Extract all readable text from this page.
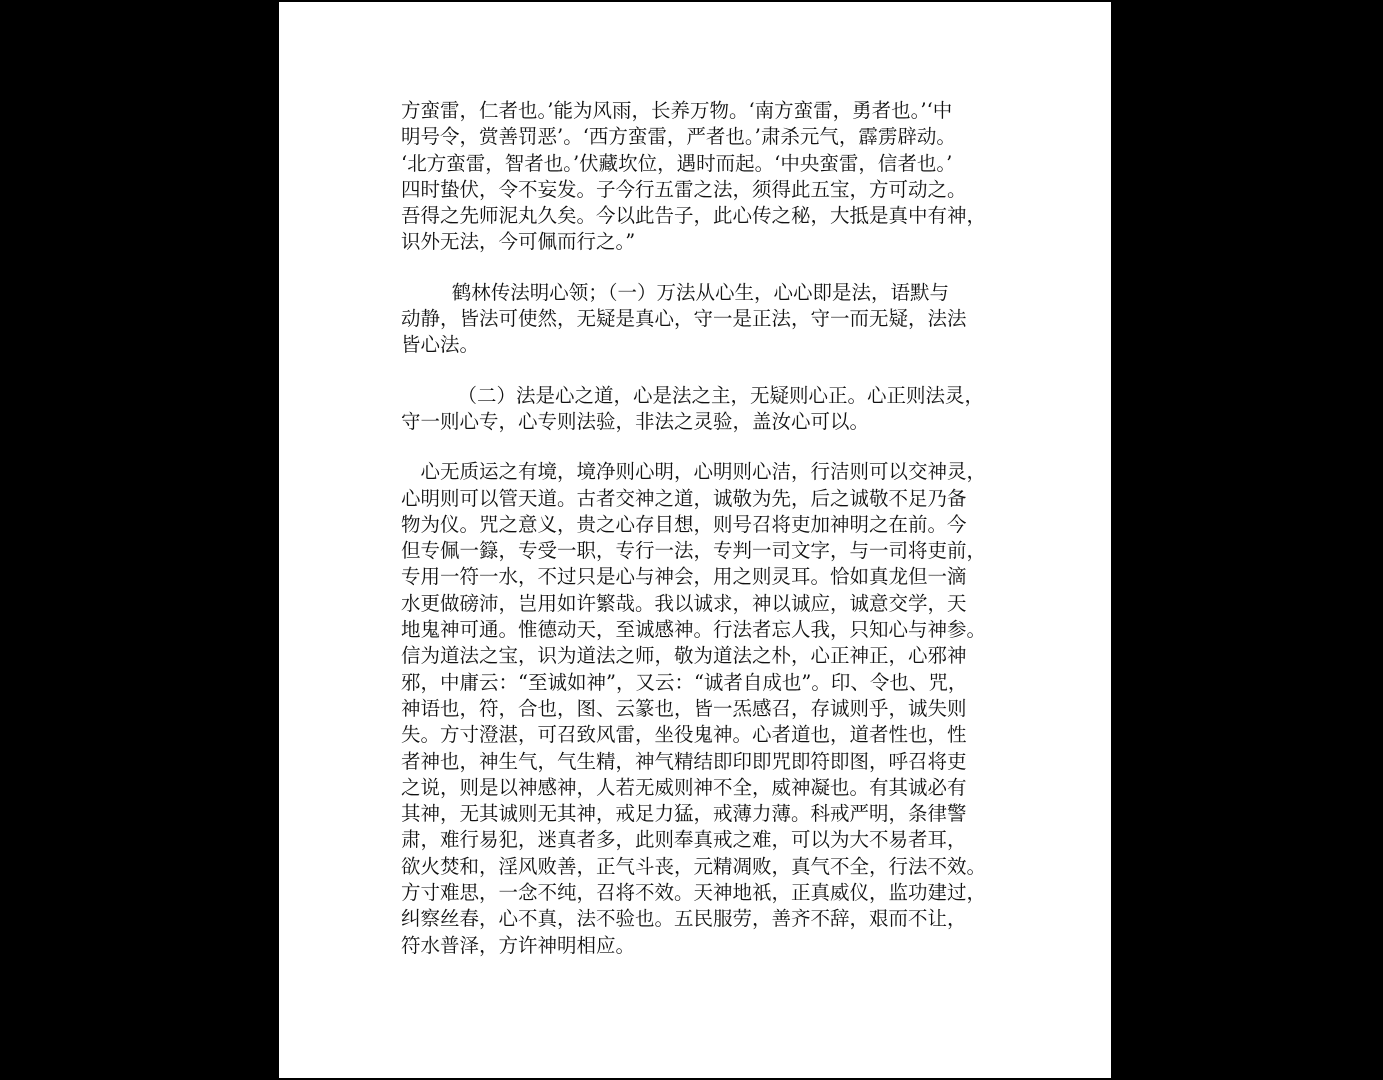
方蛮雷，仁者也。’能为风雨，长养万物。‘南方蛮雷，勇者也。’‘中
明号令，赏善罚恶’。‘西方蛮雷，严者也。’肃杀元气，霹雳辟动。
‘北方蛮雷，智者也。’伏藏坎位，遇时而起。‘中央蛮雷，信者也。’
四时蛰伏，令不妄发。子今行五雷之法，须得此五宝，方可动之。
吾得之先师泥丸久矣。今以此告子，此心传之秘，大抵是真中有神，
识外无法，今可佩而行之。”

鹤林传法明心领；（一）万法从心生，心心即是法，语默与
动静，皆法可使然，无疑是真心，守一是正法，守一而无疑，法法
皆心法。

（二）法是心之道，心是法之主，无疑则心正。心正则法灵，
守一则心专，心专则法验，非法之灵验，盖汝心可以。

心无质运之有境，境净则心明，心明则心洁，行洁则可以交神灵，
心明则可以管天道。古者交神之道，诚敬为先，后之诚敬不足乃备
物为仪。咒之意义，贵之心存目想，则号召将吏加神明之在前。今
但专佩一籙，专受一职，专行一法，专判一司文字，与一司将吏前，
专用一符一水，不过只是心与神会，用之则灵耳。恰如真龙但一滴
水更做磅沛，岂用如许繁哉。我以诚求，神以诚应，诚意交学，天
地鬼神可通。惟德动天，至诚感神。行法者忘人我，只知心与神参。
信为道法之宝，识为道法之师，敬为道法之朴，心正神正，心邪神
邪，中庸云：“至诚如神”，又云：“诚者自成也”。印、令也、咒，
神语也，符，合也，图、云篆也，皆一炁感召，存诚则乎，诚失则
失。方寸澄湛，可召致风雷，坐役鬼神。心者道也，道者性也，性
者神也，神生气，气生精，神气精结即印即咒即符即图，呼召将吏
之说，则是以神感神，人若无威则神不全，威神凝也。有其诚必有
其神，无其诚则无其神，戒足力猛，戒薄力薄。科戒严明，条律警
肃，难行易犯，迷真者多，此则奉真戒之难，可以为大不易者耳，
欲火焚和，淫风败善，正气斗丧，元精凋败，真气不全，行法不效。
方寸难思，一念不纯，召将不效。天神地祇，正真威仪，监功建过，
纠察丝春，心不真，法不验也。五民服劳，善齐不辞，艰而不让，
符水普泽，方许神明相应。
